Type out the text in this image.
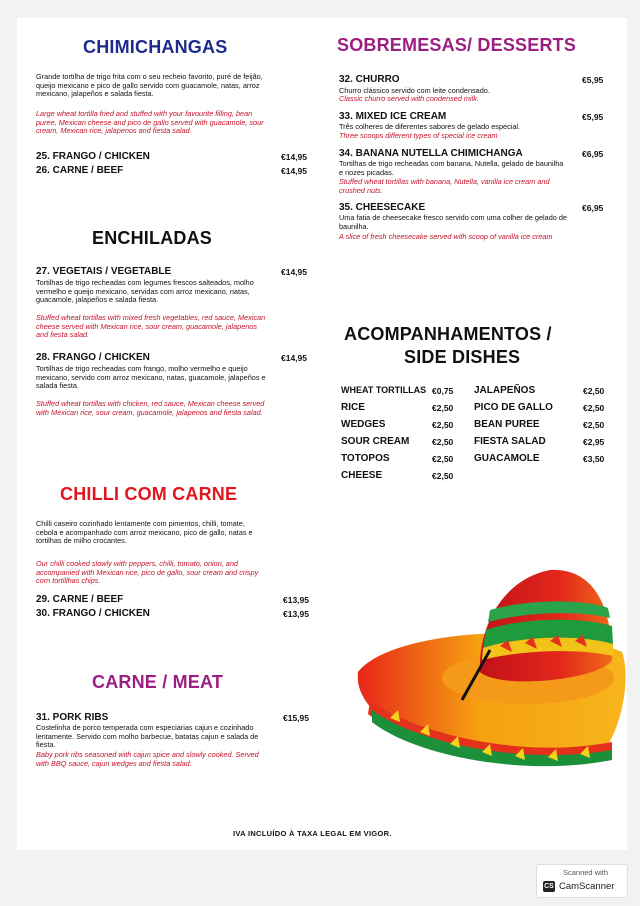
CHIMICHANGAS
Grande tortilha de trigo frita com o seu recheio favorito, puré de feijão, queijo mexicano e pico de gallo servido com guacamole, natas, arroz mexicano, jalapeños e salada fiesta.
Large wheat tortilla fried and stuffed with your favourite filling, bean puree, Mexican cheese and pico de gallo served with guacamole, sour cream, Mexican rice, jalapenos and fiesta salad.
25. FRANGO / CHICKEN	€14,95
26. CARNE / BEEF	€14,95
ENCHILADAS
27. VEGETAIS / VEGETABLE	€14,95
Tortilhas de trigo recheadas com legumes frescos salteados, molho vermelho e queijo mexicano, servidas com arroz mexicano, natas, guacamole, jalapeños e salada fiesta.
Stuffed wheat tortillas with mixed fresh vegetables, red sauce, Mexican cheese served with Mexican rice, sour cream, guacamole, jalapenos and fiesta salad.
28. FRANGO / CHICKEN	€14,95
Tortilhas de trigo recheadas com frango, molho vermelho e queijo mexicano, servido com arroz mexicano, natas, guacamole, jalapeños e salada fiesta.
Stuffed wheat tortillas with chicken, red sauce, Mexican cheese served with Mexican rice, sour cream, guacamole, jalapenos and fiesta salad.
CHILLI COM CARNE
Chilli caseiro cozinhado lentamente com pimentos, chilli, tomate, cebola e acompanhado com arroz mexicano, pico de gallo, natas e tortilhas de milho crocantes.
Our chilli cooked slowly with peppers, chilli, tomato, onion, and accompanied with Mexican rice, pico de gallo, sour cream and crispy corn tortillhas chips.
29. CARNE / BEEF	€13,95
30. FRANGO / CHICKEN	€13,95
CARNE / MEAT
31. PORK RIBS	€15,95
Costelinha de porco temperada com especiarias cajun e cozinhado lentamente. Servido com molho barbecue, batatas cajun e salada de fiesta.
Baby pork ribs seasoned with cajun spice and slowly cooked. Served with BBQ sauce, cajun wedges and fiesta salad.
SOBREMESAS/ DESSERTS
32. CHURRO	€5,95
Churro clássico servido com leite condensado.
Classic churro served with condensed milk.
33. MIXED ICE CREAM	€5,95
Três colheres de diferentes sabores de gelado especial.
Three scoops different types of special ice cream
34. BANANA NUTELLA CHIMICHANGA	€6,95
Tortilhas de trigo recheadas com banana, Nutella, gelado de baunilha e nozes picadas.
Stuffed wheat tortillas with banana, Nutella, vanilla ice cream and crushed nuts.
35. CHEESECAKE	€6,95
Uma fatia de cheesecake fresco servido com uma colher de gelado de baunilha.
A slice of fresh cheesecake served with scoop of vanilla ice cream
ACOMPANHAMENTOS /
SIDE DISHES
WHEAT TORTILLAS €0,75
RICE	€2,50
WEDGES	€2,50
SOUR CREAM	€2,50
TOTOPOS	€2,50
CHEESE	€2,50
JALAPEÑOS	€2,50
PICO DE GALLO	€2,50
BEAN PUREE	€2,50
FIESTA SALAD	€2,95
GUACAMOLE	€3,50
IVA INCLUÍDO À TAXA LEGAL EM VIGOR.
Scanned with
CS CamScanner
